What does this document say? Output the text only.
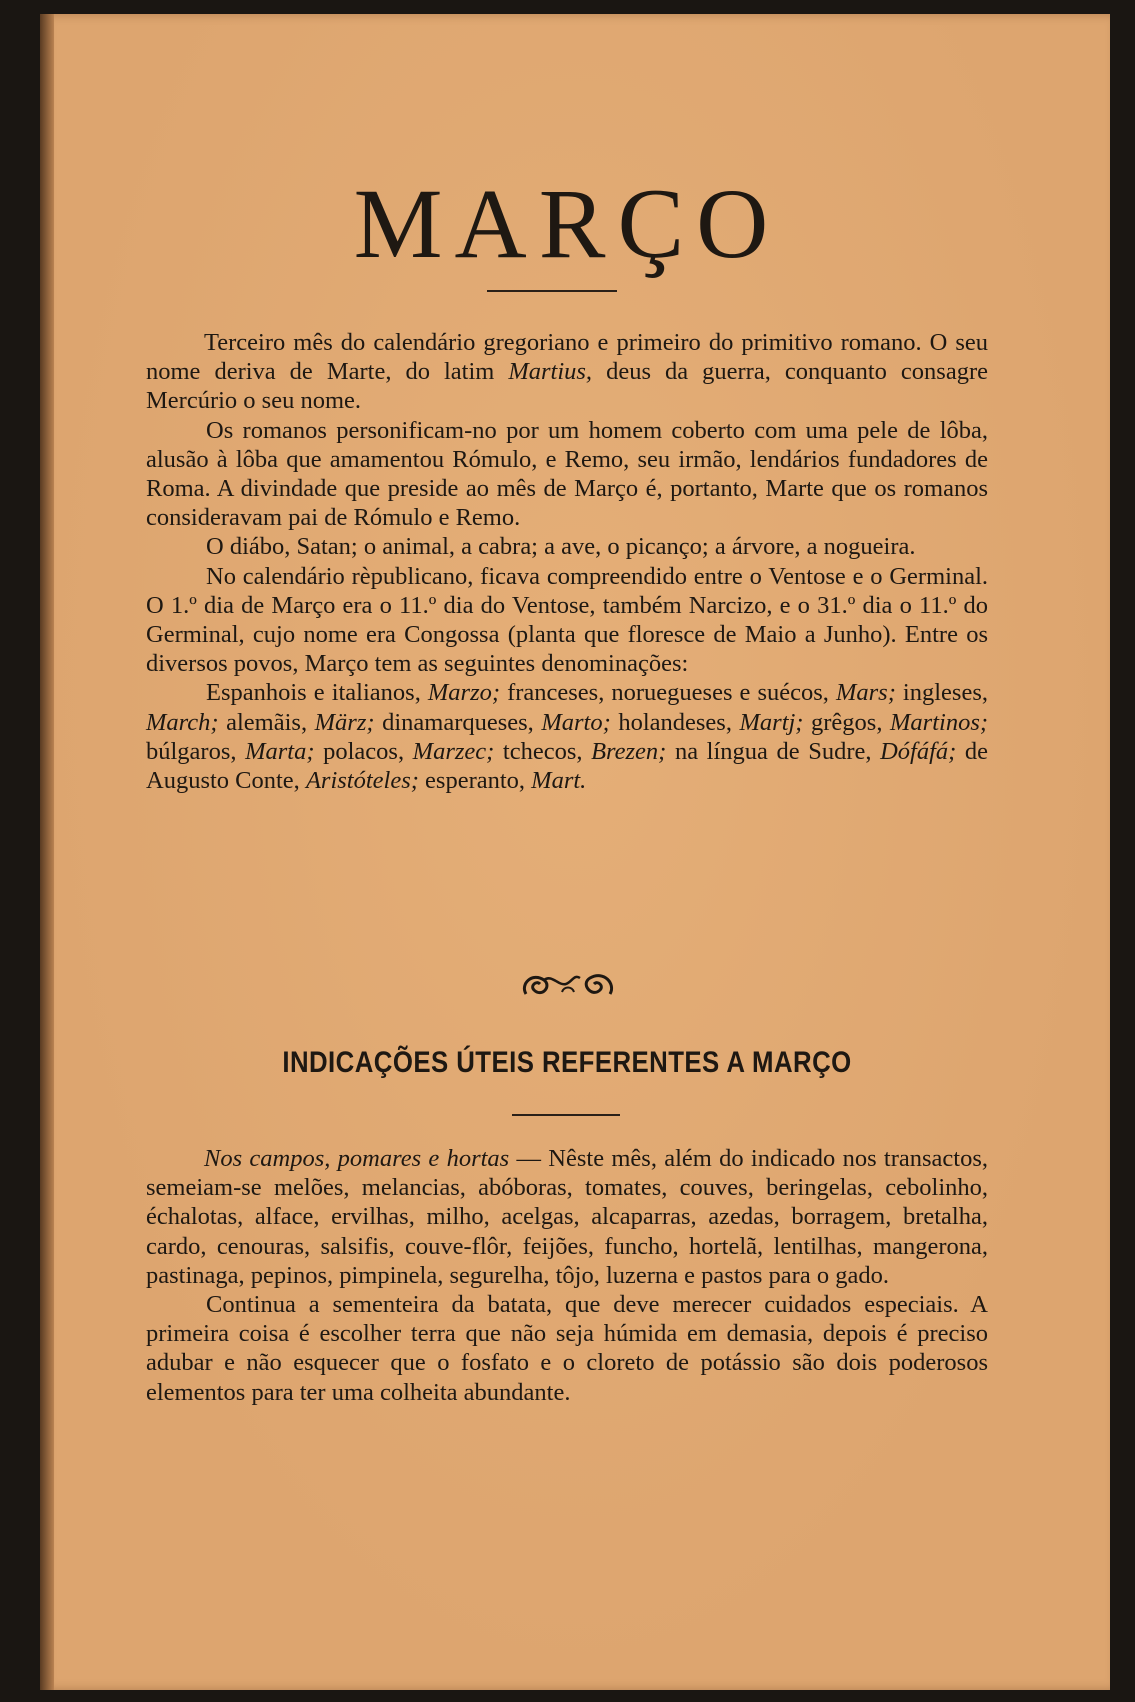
MARÇO

Terceiro mês do calendário gregoriano e primeiro do primitivo romano. O seu nome deriva de Marte, do latim Martius, deus da guerra, conquanto consagre Mercúrio o seu nome.

Os romanos personificam-no por um homem coberto com uma pele de lôba, alusão à lôba que amamentou Rómulo, e Remo, seu irmão, lendários fundadores de Roma. A divindade que preside ao mês de Março é, portanto, Marte que os romanos consideravam pai de Rómulo e Remo.

O diábo, Satan; o animal, a cabra; a ave, o picanço; a árvore, a nogueira.

No calendário rèpublicano, ficava compreendido entre o Ventose e o Germinal. O 1.º dia de Março era o 11.º dia do Ventose, também Narcizo, e o 31.º dia o 11.º do Germinal, cujo nome era Congossa (planta que floresce de Maio a Junho). Entre os diversos povos, Março tem as seguintes denominações:

Espanhois e italianos, Marzo; franceses, noruegueses e suécos, Mars; ingleses, March; alemãis, März; dinamarqueses, Marto; holandeses, Martj; grêgos, Martinos; búlgaros, Marta; polacos, Marzec; tchecos, Brezen; na língua de Sudre, Dófáfá; de Augusto Conte, Aristóteles; esperanto, Mart.

INDICAÇÕES ÚTEIS REFERENTES A MARÇO

Nos campos, pomares e hortas — Nêste mês, além do indicado nos transactos, semeiam-se melões, melancias, abóboras, tomates, couves, beringelas, cebolinho, échalotas, alface, ervilhas, milho, acelgas, alcaparras, azedas, borragem, bretalha, cardo, cenouras, salsifis, couve-flôr, feijões, funcho, hortelã, lentilhas, mangerona, pastinaga, pepinos, pimpinela, segurelha, tôjo, luzerna e pastos para o gado.

Continua a sementeira da batata, que deve merecer cuidados especiais. A primeira coisa é escolher terra que não seja húmida em demasia, depois é preciso adubar e não esquecer que o fosfato e o cloreto de potássio são dois poderosos elementos para ter uma colheita abundante.
